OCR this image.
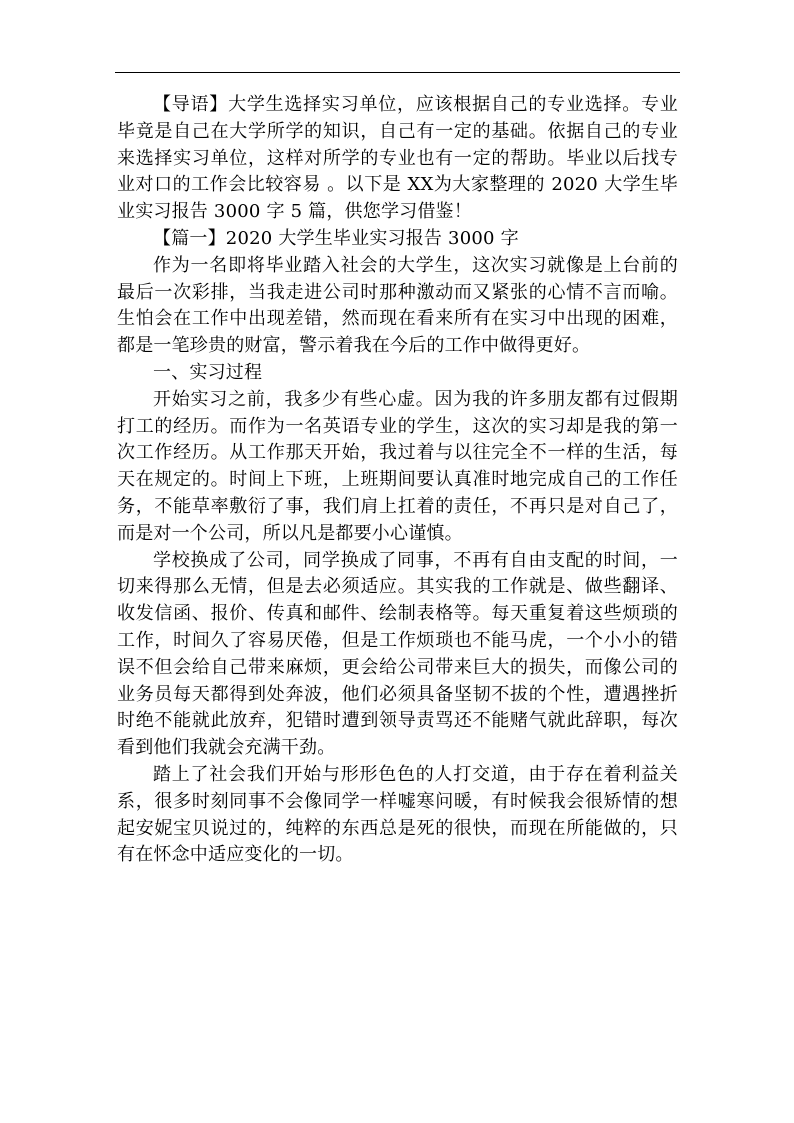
【导语】大学生选择实习单位，应该根据自己的专业选择。专业毕竟是自己在大学所学的知识，自己有一定的基础。依据自己的专业来选择实习单位，这样对所学的专业也有一定的帮助。毕业以后找专业对口的工作会比较容易 。以下是 XX为大家整理的 2020 大学生毕业实习报告 3000 字 5 篇，供您学习借鉴！

【篇一】2020 大学生毕业实习报告 3000 字

作为一名即将毕业踏入社会的大学生，这次实习就像是上台前的最后一次彩排，当我走进公司时那种激动而又紧张的心情不言而喻。生怕会在工作中出现差错，然而现在看来所有在实习中出现的困难，都是一笔珍贵的财富，警示着我在今后的工作中做得更好。

一、实习过程

开始实习之前，我多少有些心虚。因为我的许多朋友都有过假期打工的经历。而作为一名英语专业的学生，这次的实习却是我的第一次工作经历。从工作那天开始，我过着与以往完全不一样的生活，每天在规定的。时间上下班，上班期间要认真准时地完成自己的工作任务，不能草率敷衍了事，我们肩上扛着的责任，不再只是对自己了，而是对一个公司，所以凡是都要小心谨慎。

学校换成了公司，同学换成了同事，不再有自由支配的时间，一切来得那么无情，但是去必须适应。其实我的工作就是、做些翻译、收发信函、报价、传真和邮件、绘制表格等。每天重复着这些烦琐的工作，时间久了容易厌倦，但是工作烦琐也不能马虎，一个小小的错误不但会给自己带来麻烦，更会给公司带来巨大的损失，而像公司的业务员每天都得到处奔波，他们必须具备坚韧不拔的个性，遭遇挫折时绝不能就此放弃，犯错时遭到领导责骂还不能赌气就此辞职，每次看到他们我就会充满干劲。

踏上了社会我们开始与形形色色的人打交道，由于存在着利益关系，很多时刻同事不会像同学一样嘘寒问暖，有时候我会很矫情的想起安妮宝贝说过的，纯粹的东西总是死的很快，而现在所能做的，只有在怀念中适应变化的一切。
